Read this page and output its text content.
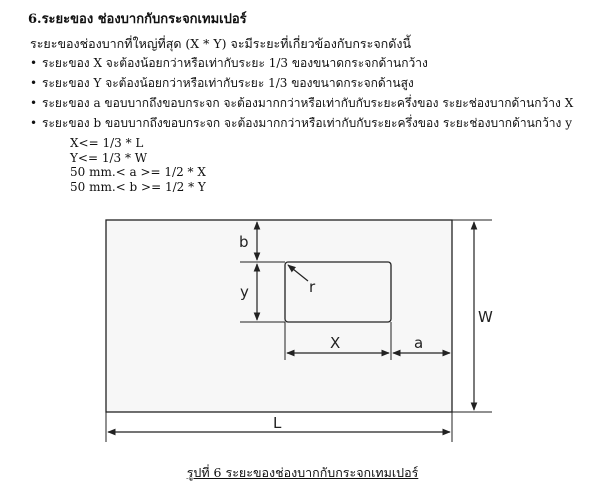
6.ระยะของ ช่องบากกับกระจกเทมเปอร์
ระยะของช่องบากที่ใหญ่ที่สุด (X * Y) จะมีระยะที่เกี่ยวข้องกับกระจกดังนี้
• ระยะของ X จะต้องน้อยกว่าหรือเท่ากับระยะ 1/3 ของขนาดกระจกด้านกว้าง
• ระยะของ Y จะต้องน้อยกว่าหรือเท่ากับระยะ 1/3 ของขนาดกระจกด้านสูง
• ระยะของ a ขอบบากถึงขอบกระจก จะต้องมากกว่าหรือเท่ากับกับระยะครึ่งของ ระยะช่องบากด้านกว้าง X
• ระยะของ b ขอบบากถึงขอบกระจก จะต้องมากกว่าหรือเท่ากับกับระยะครึ่งของ ระยะช่องบากด้านกว้าง y
X<= 1/3 * L
Y<= 1/3 * W
50 mm.< a >= 1/2 * X
50 mm.< b >= 1/2 * Y
r
b
y
X	a
W
L
รูปที่ 6 ระยะของช่องบากกับกระจกเทมเปอร์
